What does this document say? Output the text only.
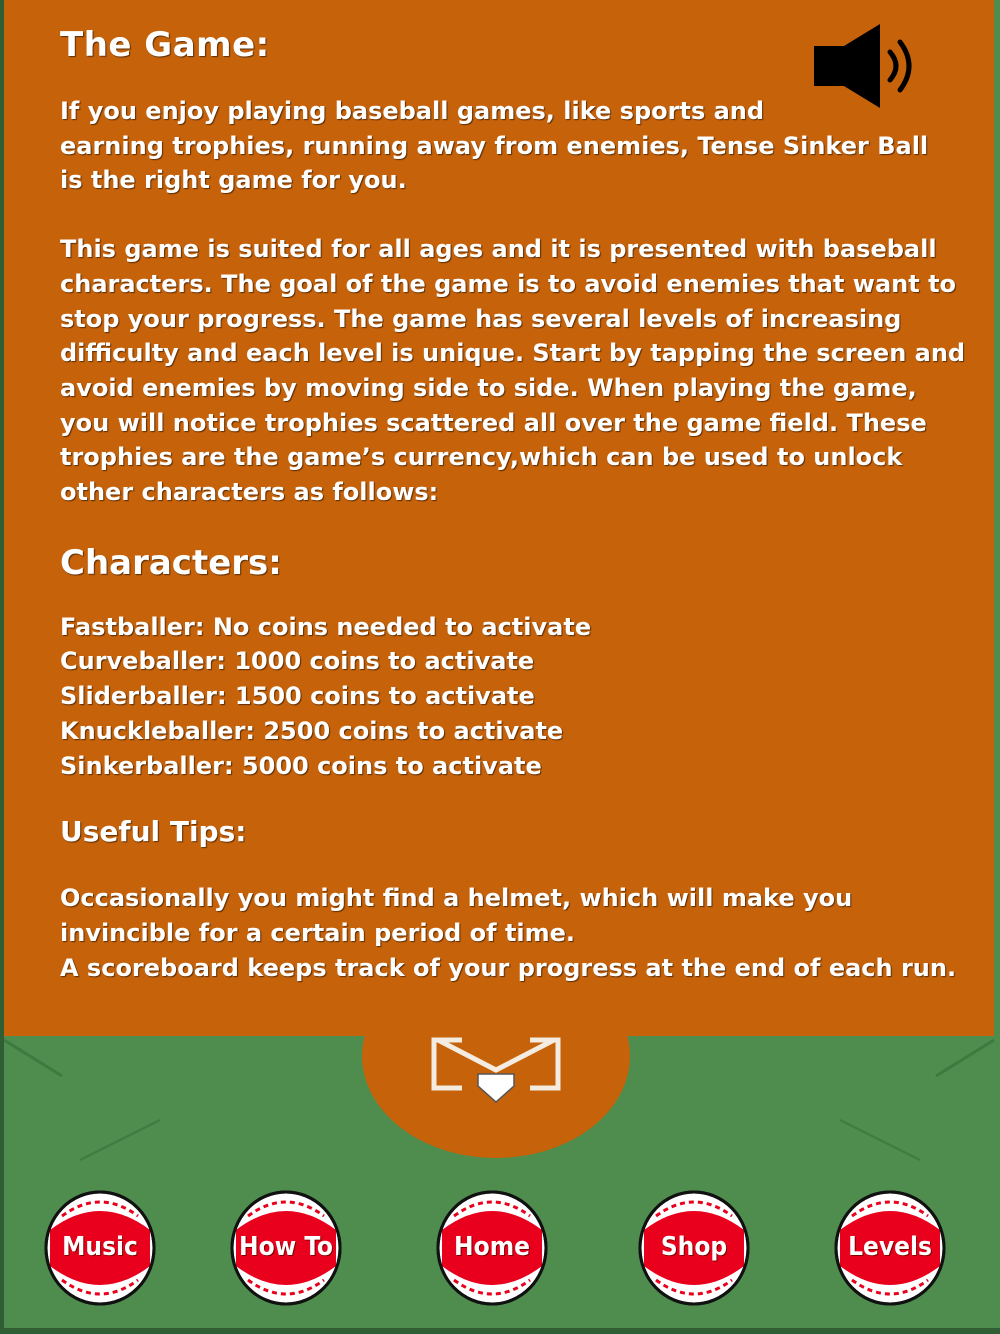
The Game:

If you enjoy playing baseball games, like sports and
earning trophies, running away from enemies, Tense Sinker Ball
is the right game for you.

This game is suited for all ages and it is presented with baseball
characters. The goal of the game is to avoid enemies that want to
stop your progress. The game has several levels of increasing
difficulty and each level is unique. Start by tapping the screen and
avoid enemies by moving side to side. When playing the game,
you will notice trophies scattered all over the game field. These
trophies are the game’s currency,which can be used to unlock
other characters as follows:

Characters:
Fastballer: No coins needed to activate
Curveballer: 1000 coins to activate
Sliderballer: 1500 coins to activate
Knuckleballer: 2500 coins to activate
Sinkerballer: 5000 coins to activate
Useful Tips:

Occasionally you might find a helmet, which will make you
invincible for a certain period of time.
A scoreboard keeps track of your progress at the end of each run.

Music	How To	Home	Shop	Levels
